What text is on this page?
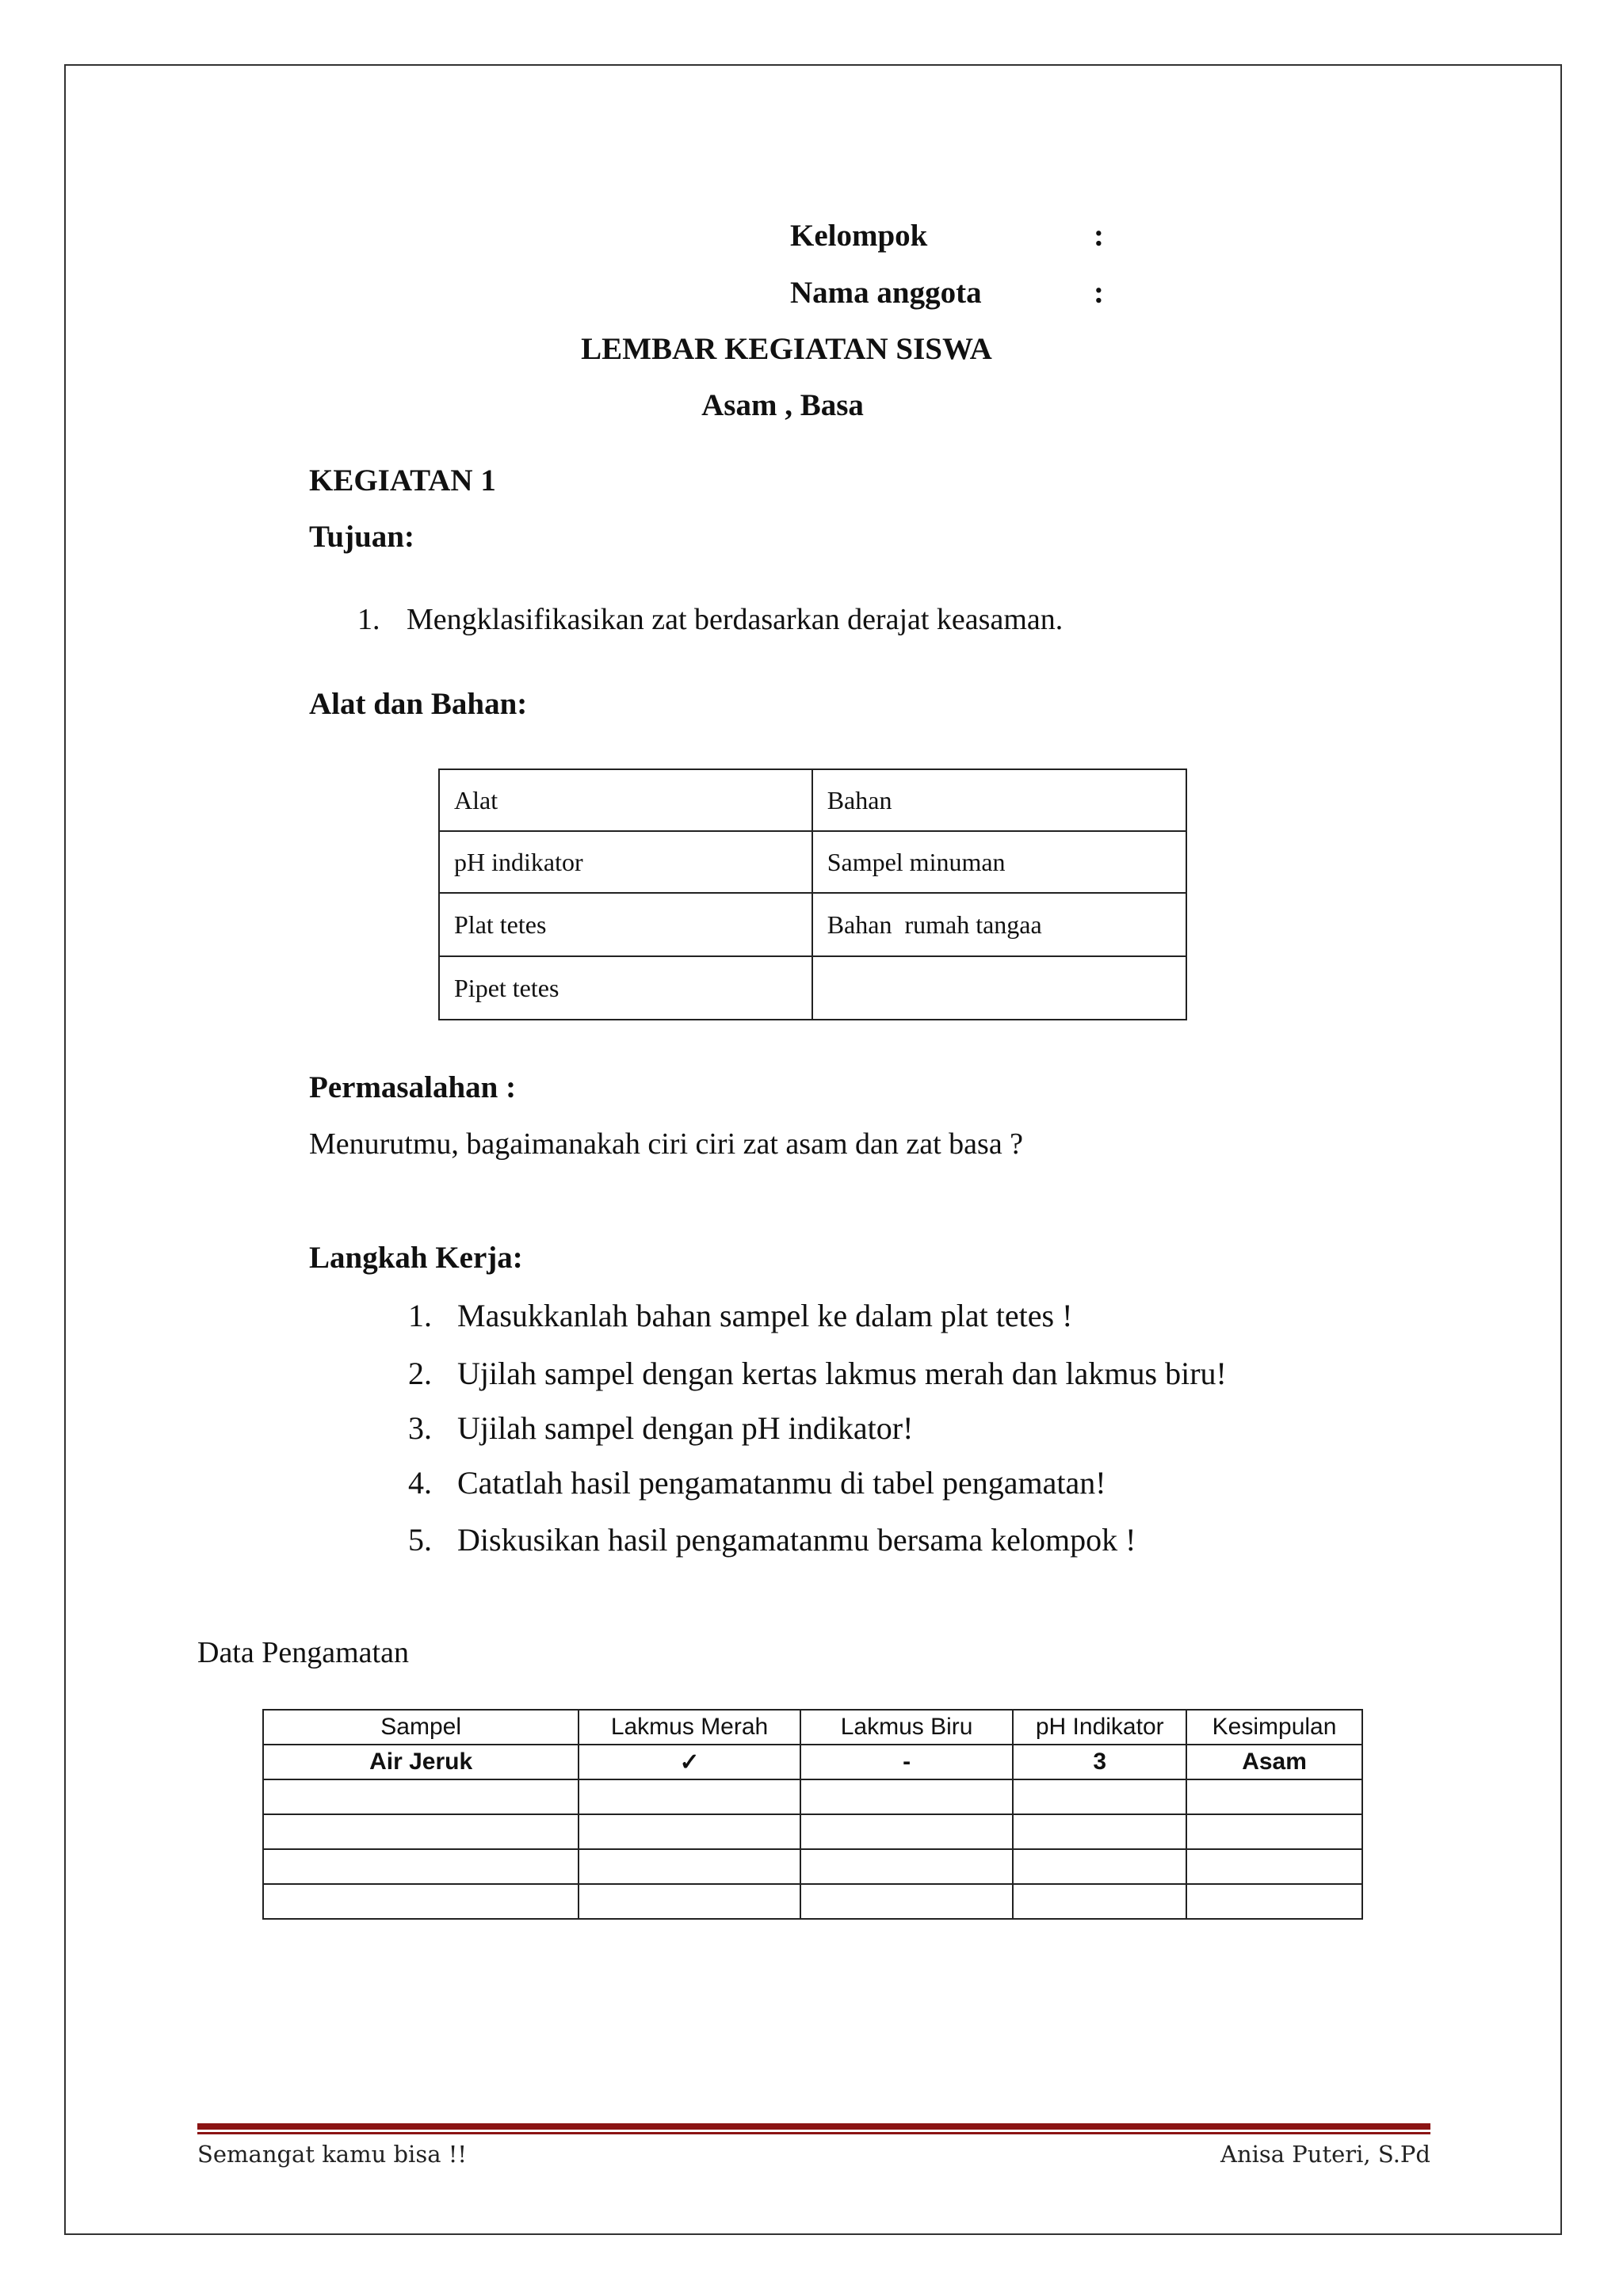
Kelompok	:
Nama anggota	:
LEMBAR KEGIATAN SISWA
Asam , Basa
KEGIATAN 1
Tujuan:
1. Mengklasifikasikan zat berdasarkan derajat keasaman.
Alat dan Bahan:
Alat	Bahan
pH indikator	Sampel minuman
Plat tetes	Bahan  rumah tangaa
Pipet tetes	
Permasalahan :
Menurutmu, bagaimanakah ciri ciri zat asam dan zat basa ?
Langkah Kerja:
1. Masukkanlah bahan sampel ke dalam plat tetes !
2. Ujilah sampel dengan kertas lakmus merah dan lakmus biru!
3. Ujilah sampel dengan pH indikator!
4. Catatlah hasil pengamatanmu di tabel pengamatan!
5. Diskusikan hasil pengamatanmu bersama kelompok !
Data Pengamatan
Sampel	Lakmus Merah	Lakmus Biru	pH Indikator	Kesimpulan
Air Jeruk	✓	-	3	Asam

Semangat kamu bisa !!	Anisa Puteri, S.Pd
